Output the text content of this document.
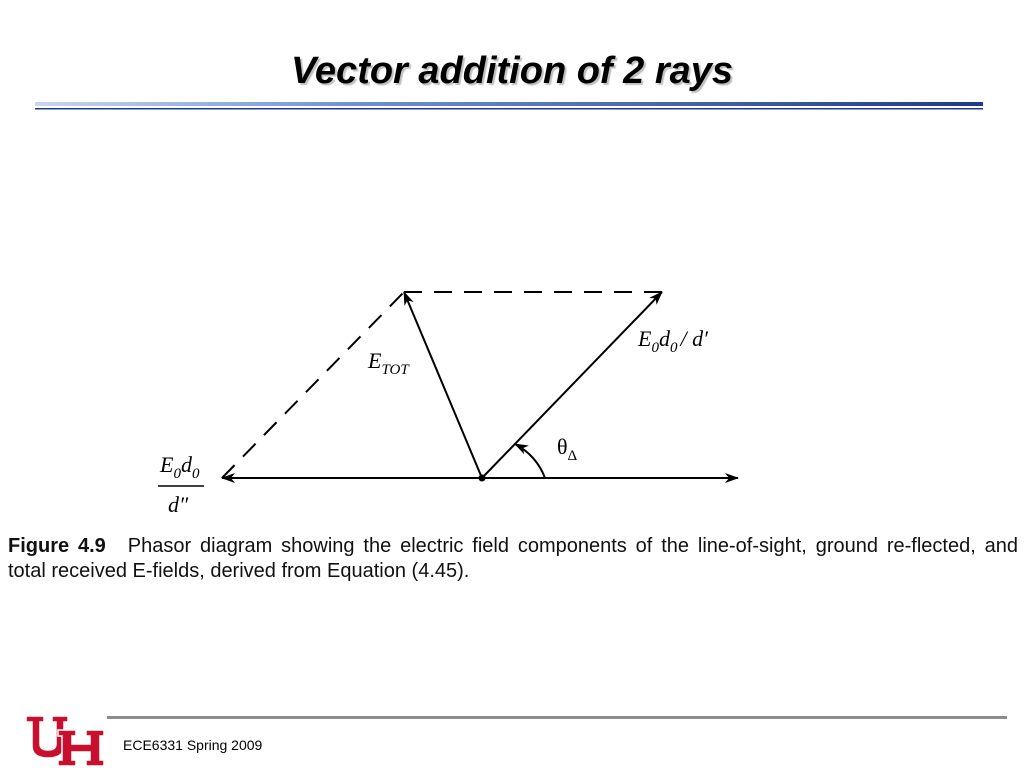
Vector addition of 2 rays
$E_{TOT}$
$E_0d_0 / d'$
$\theta_\Delta$
$E_0d_0$
d″
Figure 4.9 Phasor diagram showing the electric field components of the line-of-sight, ground re-flected, and total received E-fields, derived from Equation (4.45).
ECE6331 Spring 2009
